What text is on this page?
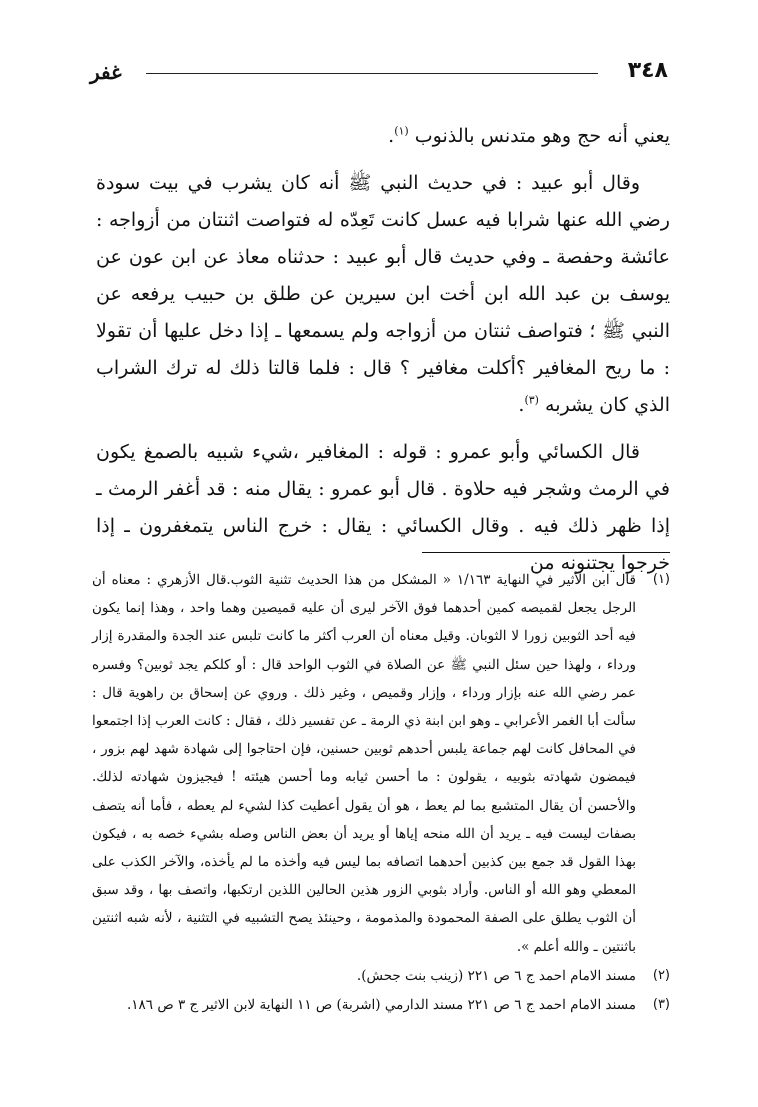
٣٤٨
غفر

يعني أنه حج وهو متدنس بالذنوب $^{(١)}$.

وقال أبو عبيد : في حديث النبي ﷺ أنه كان يشرب في بيت سودة رضي الله عنها شرابا فيه عسل كانت تَعِدّه له فتواصت اثنتان من أزواجه : عائشة وحفصة ـ وفي حديث قال أبو عبيد : حدثناه معاذ عن ابن عون عن يوسف بن عبد الله ابن أخت ابن سيرين عن طلق بن حبيب يرفعه عن النبي ﷺ ؛ فتواصف ثنتان من أزواجه ولم يسمعها ـ إذا دخل عليها أن تقولا : ما ريح المغافير ؟أكلت مغافير ؟ قال : فلما قالتا ذلك له ترك الشراب الذي كان يشربه $^{(٣)}$.

قال الكسائي وأبو عمرو : قوله : المغافير ،شيء شبيه بالصمغ يكون في الرمث وشجر فيه حلاوة . قال أبو عمرو : يقال منه : قد أغفر الرمث ـ إذا ظهر ذلك فيه . وقال الكسائي : يقال : خرج الناس يتمغفرون ـ إذا خرجوا يجتنونه من

(١)
قال ابن الأثير في النهاية ١/١٦٣ « المشكل من هذا الحديث تثنية الثوب.قال الأزهري : معناه أن الرجل يجعل لقميصه كمين أحدهما فوق الآخر ليرى أن عليه قميصين وهما واحد ، وهذا إنما يكون فيه أحد الثوبين زورا لا الثوبان. وقيل معناه أن العرب أكثر ما كانت تلبس عند الجدة والمقدرة إزار ورداء ، ولهذا حين سئل النبي ﷺ عن الصلاة في الثوب الواحد قال : أو كلكم يجد ثوبين؟ وفسره عمر رضي الله عنه بإزار ورداء ، وإزار وقميص ، وغير ذلك . وروي عن إسحاق بن راهوية قال : سألت أبا الغمر الأعرابي ـ وهو ابن ابنة ذي الرمة ـ عن تفسير ذلك ، فقال : كانت العرب إذا اجتمعوا في المحافل كانت لهم جماعة يلبس أحدهم ثوبين حسنين، فإن احتاجوا إلى شهادة شهد لهم بزور ، فيمضون شهادته بثوبيه ، يقولون : ما أحسن ثيابه وما أحسن هيئته ! فيجيزون شهادته لذلك. والأحسن أن يقال المتشبع بما لم يعط ، هو أن يقول أعطيت كذا لشيء لم يعطه ، فأما أنه يتصف بصفات ليست فيه ـ يريد أن الله منحه إياها أو يريد أن بعض الناس وصله بشيء خصه به ، فيكون بهذا القول قد جمع بين كذبين أحدهما اتصافه بما ليس فيه وأخذه ما لم يأخذه، والآخر الكذب على المعطي وهو الله أو الناس. وأراد بثوبي الزور هذين الحالين اللذين ارتكبها، واتصف بها ، وقد سبق أن الثوب يطلق على الصفة المحمودة والمذمومة ، وحينئذ يصح التشبيه في التثنية ، لأنه شبه اثنتين باثنتين ـ والله أعلم ».
(٢)
مسند الامام احمد ج ٦ ص ٢٢١ (زينب بنت جحش).
(٣)
مسند الامام احمد ج ٦ ص ٢٢١ مسند الدارمي (اشربة) ص ١١ النهاية لابن الاثير ج ٣ ص ١٨٦.
